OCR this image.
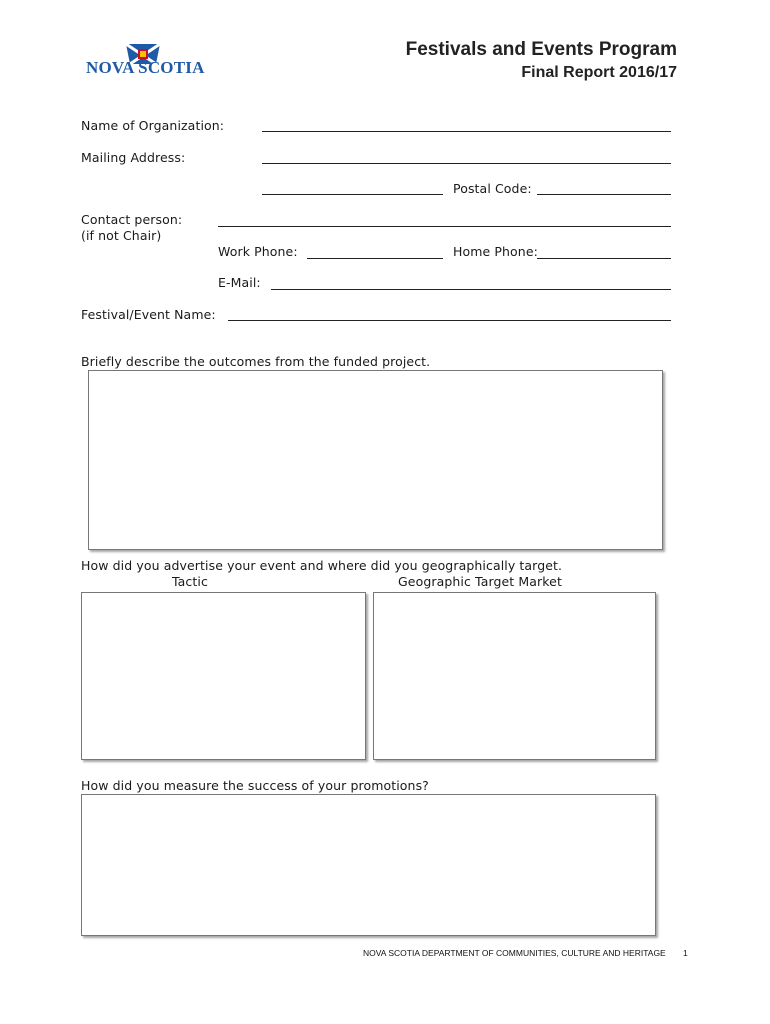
NOVA SCOTIA
Festivals and Events Program
Final Report 2016/17
Name of Organization:
Mailing Address:
Postal Code:
Contact person:
(if not Chair)
Work Phone:	Home Phone:
E-Mail:
Festival/Event Name:
Briefly describe the outcomes from the funded project.
How did you advertise your event and where did you geographically target.
Tactic	Geographic Target Market
How did you measure the success of your promotions?
NOVA SCOTIA DEPARTMENT OF COMMUNITIES, CULTURE AND HERITAGE 1
